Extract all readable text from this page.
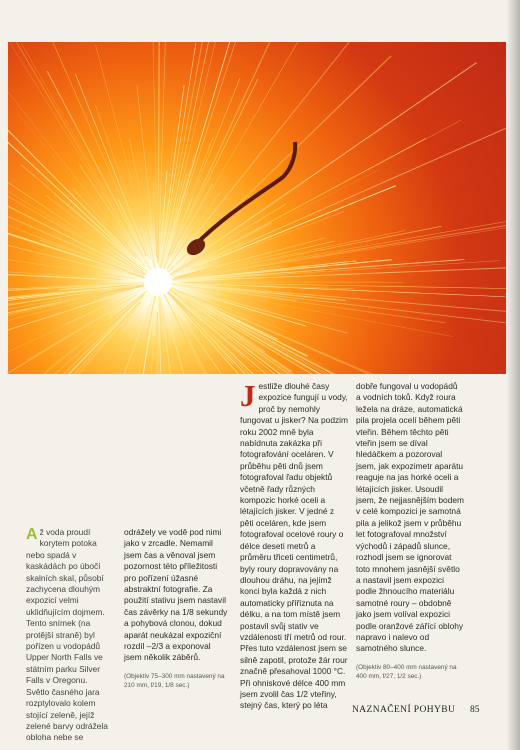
Až voda proudí korytem potoka nebo spadá v kaskádách po úbočí skalních skal, působí zachycena dlouhým expozicí velmi uklidňujícím dojmem. Tento snímek (na protější straně) byl pořízen u vodopádů Upper North Falls ve státním parku Silver Falls v Oregonu. Světlo časného jara rozptylovalo kolem stojící zeleně, jejíž zelené barvy odrážela obloha nebe se

odrážely ve vodě pod nimi jako v zrcadle. Nemamil jsem čas a věnoval jsem pozornost této příležitosti pro pořízení úžasné abstraktní fotografie. Za použití stativu jsem nastavil čas závěrky na 1/8 sekundy a pohybová clonou, dokud aparát neukázal expoziční rozdíl –2/3 a exponoval jsem několik záběrů.

(Objektiv 75–300 mm nastavený na 210 mm, f/19, 1/8 sec.)

Jestliže dlouhé časy expozice fungují u vody, proč by nemohly fungovat u jisker? Na podzim roku 2002 mně byla nabídnuta zakázka při fotografování oceláren. V průběhu pěti dnů jsem fotografoval řadu objektů včetně řady různých kompozic horké oceli a létajících jisker. V jedné z pěti oceláren, kde jsem fotografoval ocelové roury o délce deseti metrů a průměru třiceti centimetrů, byly roury dopravovány na dlouhou dráhu, na jejímž konci byla každá z nich automaticky přiříznuta na délku, a na tom místě jsem postavil svůj stativ ve vzdálenosti tří metrů od rour. Přes tuto vzdálenost jsem se silně zapotil, protože žár rour značně přesahoval 1000 °C. Při ohniskové délce 400 mm jsem zvolil čas 1/2 vteřiny, stejný čas, který po léta

dobře fungoval u vodopádů a vodních toků. Když roura ležela na dráze, automatická pila projela ocelí během pěti vteřin. Během těchto pěti vteřin jsem se díval hledáčkem a pozoroval jsem, jak expozimetr aparátu reaguje na jas horké oceli a létajících jisker. Usoudil jsem, že nejjasnějším bodem v celé kompozici je samotná pila a jelikož jsem v průběhu let fotografoval množství východů i západů slunce, rozhodl jsem se ignorovat toto mnohem jasnější světlo a nastavil jsem expozici podle žhnoucího materiálu samotné roury – obdobně jako jsem volíval expozici podle oranžové zářící oblohy napravo i nalevo od samotného slunce.

(Objektiv 80–400 mm nastavený na 400 mm, f/27, 1/2 sec.)

NAZNAČENÍ POHYBU	85
